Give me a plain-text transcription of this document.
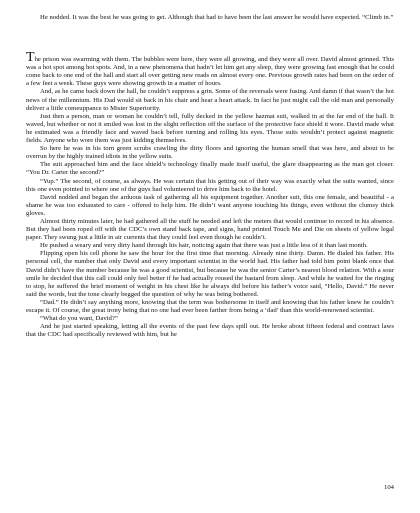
He nodded. It was the best he was going to get. Although that had to have been the last answer he would have expected. “Climb in.”

The prison was swarming with them. The bubbles were here, they were all growing, and they were all over. David almost grinned. This was a hot spot among hot spots. And, in a new phenomena that hadn’t let him get any sleep, they were growing fast enough that he could come back to one end of the hall and start all over getting new reads on almost every one. Previous growth rates had been on the order of a few feet a week. These guys were showing growth in a matter of hours.

And, as he came back down the hall, he couldn’t suppress a grin. Some of the reversals were fusing. And damn if that wasn’t the hot news of the millennium. His Dad would sit back in his chair and hear a heart attack. In fact he just might call the old man and personally deliver a little comeuppance to Mister Superiority.

Just then a person, man or woman he couldn’t tell, fully decked in the yellow hazmat suit, walked in at the far end of the hall. It waved, but whether or not it smiled was lost in the slight reflection off the surface of the protective face shield it wore. David made what he estimated was a friendly face and waved back before turning and rolling his eyes. Those suits wouldn’t protect against magnetic fields. Anyone who wore them was just kidding themselves.

So here he was in his torn green scrubs crawling the dirty floors and ignoring the human smell that was here, and about to be overrun by the highly trained idiots in the yellow suits.

The suit approached him and the face shield’s technology finally made itself useful, the glare disappearing as the man got closer. “You Dr. Carter the second?”

“Yup.” The second, of course, as always. He was certain that his getting out of their way was exactly what the suits wanted, since this one even pointed to where one of the guys had volunteered to drive him back to the hotel.

David nodded and began the arduous task of gathering all his equipment together. Another suit, this one female, and beautiful - a shame he was too exhausted to care - offered to help him. He didn’t want anyone touching his things, even without the clumsy thick gloves.

Almost thirty minutes later, he had gathered all the stuff he needed and left the meters that would continue to record in his absence. But they had been roped off with the CDC’s own stand back tape, and signs, hand printed Touch Me and Die on sheets of yellow legal paper. They swung just a little in air currents that they could feel even though he couldn’t.

He pushed a weary and very dirty hand through his hair, noticing again that there was just a little less of it than last month.

Flipping open his cell phone he saw the hour for the first time that morning. Already nine thirty. Damn. He dialed his father. His personal cell, the number that only David and every important scientist in the world had. His father had told him point blank once that David didn’t have the number because he was a good scientist, but because he was the senior Carter’s nearest blood relation. With a sour smile he decided that this call could only feel better if he had actually roused the bastard from sleep. And while he waited for the ringing to stop, he suffered the brief moment of weight in his chest like he always did before his father’s voice said, “Hello, David.” He never said the words, but the tone clearly begged the question of why he was being bothered.

“Dad.” He didn’t say anything more, knowing that the term was bothersome in itself and knowing that his father knew he couldn’t escape it. Of course, the great irony being that no one had ever been farther from being a ‘dad’ than this world-renowned scientist.

“What do you want, David?”

And he just started speaking, letting all the events of the past few days spill out. He broke about fifteen federal and contract laws that the CDC had specifically reviewed with him, but he

104
